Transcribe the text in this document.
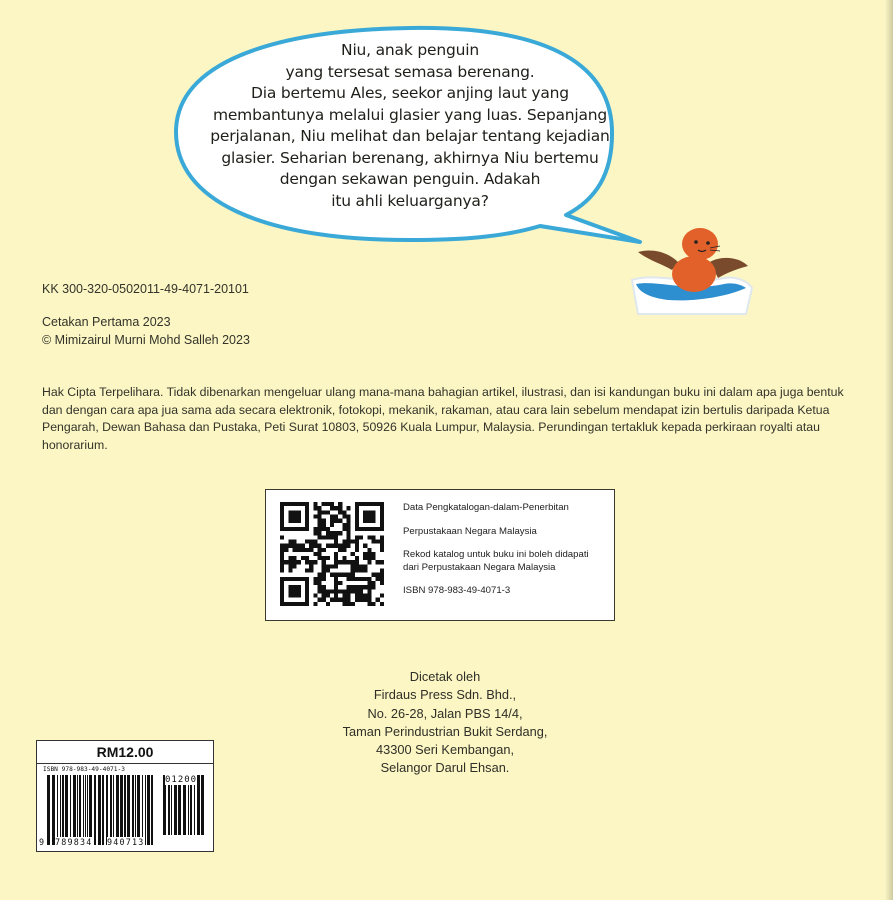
Niu, anak penguin
yang tersesat semasa berenang.
Dia bertemu Ales, seekor anjing laut yang
membantunya melalui glasier yang luas. Sepanjang
perjalanan, Niu melihat dan belajar tentang kejadian
glasier. Seharian berenang, akhirnya Niu bertemu
dengan sekawan penguin. Adakah
itu ahli keluarganya?
KK 300-320-0502011-49-4071-20101
Cetakan Pertama 2023
© Mimizairul Murni Mohd Salleh 2023
Hak Cipta Terpelihara. Tidak dibenarkan mengeluar ulang mana-mana bahagian artikel, ilustrasi, dan isi kandungan buku ini dalam apa juga bentuk dan dengan cara apa jua sama ada secara elektronik, fotokopi, mekanik, rakaman, atau cara lain sebelum mendapat izin bertulis daripada Ketua Pengarah, Dewan Bahasa dan Pustaka, Peti Surat 10803, 50926 Kuala Lumpur, Malaysia. Perundingan tertakluk kepada perkiraan royalti atau honorarium.
Data Pengkatalogan-dalam-Penerbitan
Perpustakaan Negara Malaysia
Rekod katalog untuk buku ini boleh didapati
dari Perpustakaan Negara Malaysia
ISBN 978-983-49-4071-3
Dicetak oleh
Firdaus Press Sdn. Bhd.,
No. 26-28, Jalan PBS 14/4,
Taman Perindustrian Bukit Serdang,
43300 Seri Kembangan,
Selangor Darul Ehsan.
RM12.00
ISBN 978-983-49-4071-3
9 789834 940713
01200
